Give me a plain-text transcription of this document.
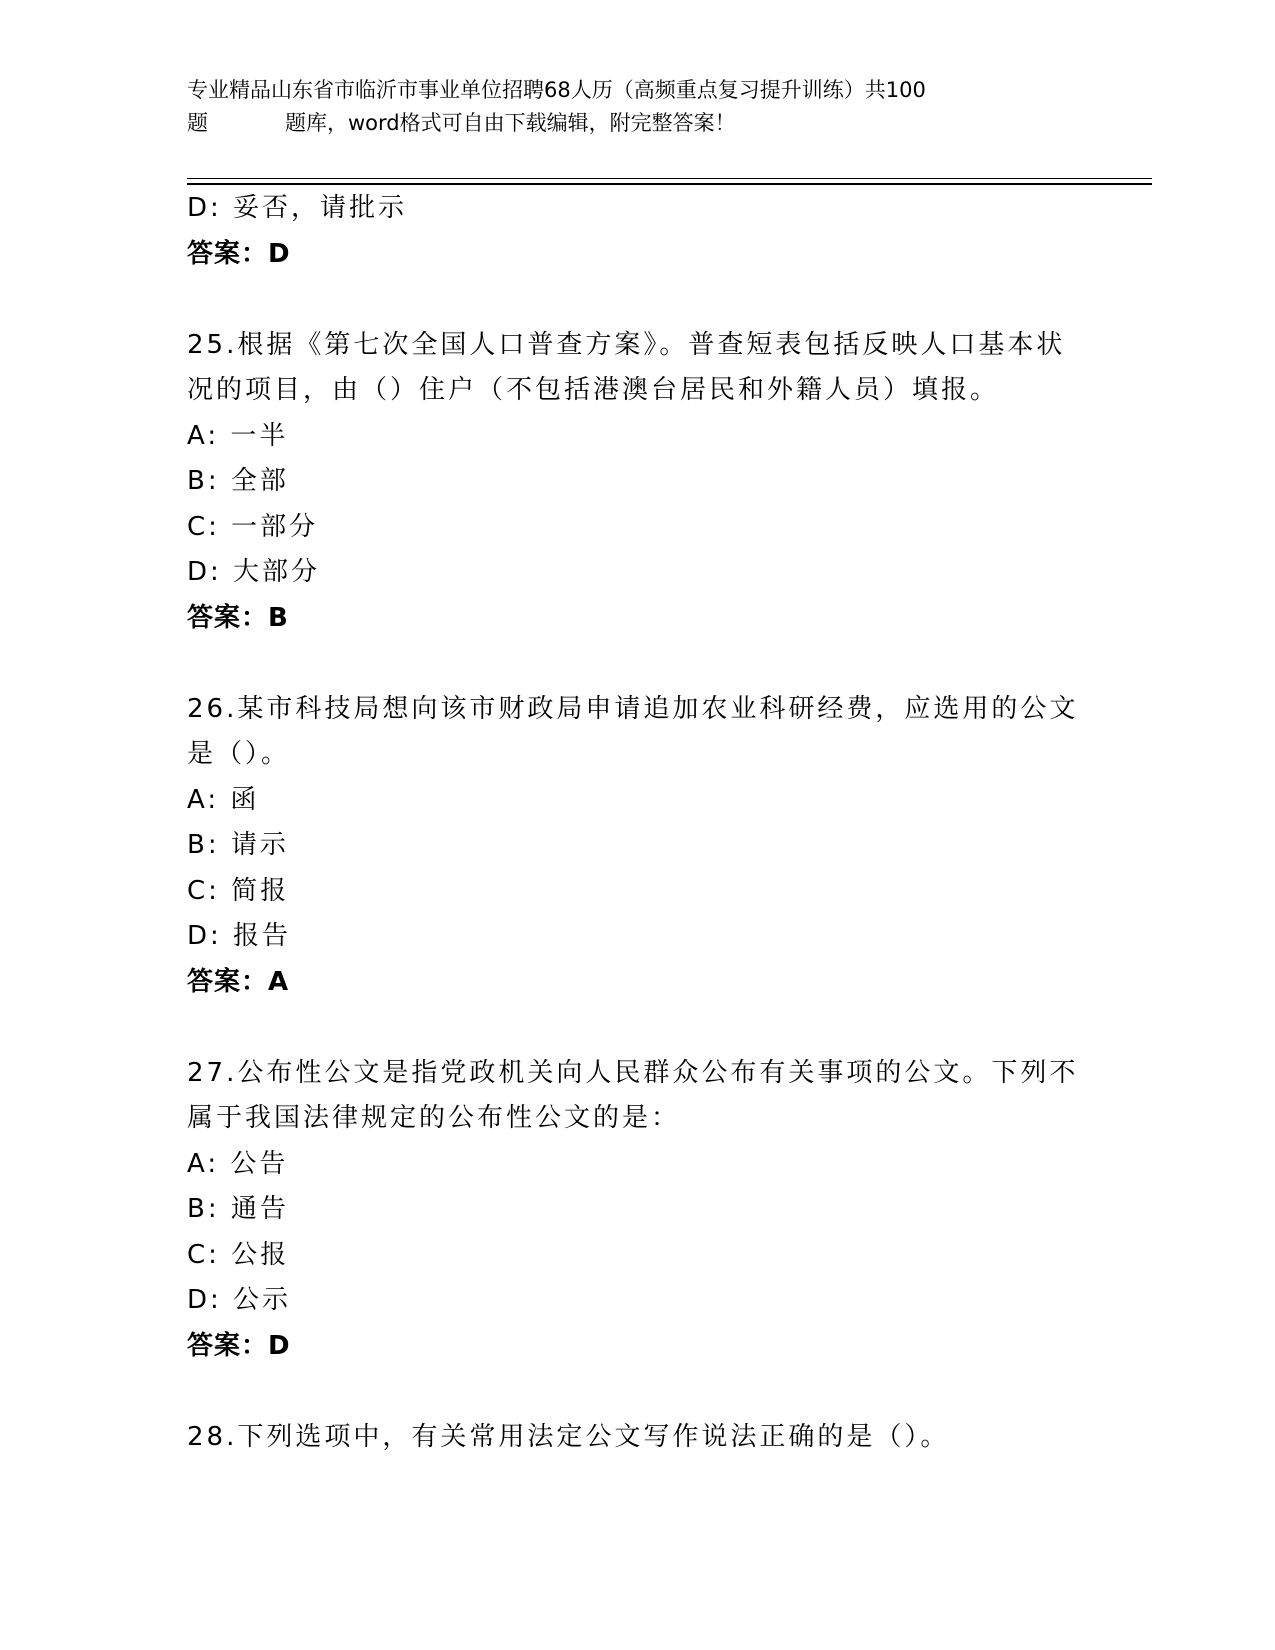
专业精品山东省市临沂市事业单位招聘68人历（高频重点复习提升训练）共100
题	题库，word格式可自由下载编辑，附完整答案！
D: 妥否，请批示
答案：D
25.根据《第七次全国人口普查方案》。普查短表包括反映人口基本状
况的项目，由（）住户（不包括港澳台居民和外籍人员）填报。
A: 一半
B: 全部
C: 一部分
D: 大部分
答案：B
26.某市科技局想向该市财政局申请追加农业科研经费，应选用的公文
是（）。
A: 函
B: 请示
C: 简报
D: 报告
答案：A
27.公布性公文是指党政机关向人民群众公布有关事项的公文。下列不
属于我国法律规定的公布性公文的是：
A: 公告
B: 通告
C: 公报
D: 公示
答案：D
28.下列选项中，有关常用法定公文写作说法正确的是（）。
